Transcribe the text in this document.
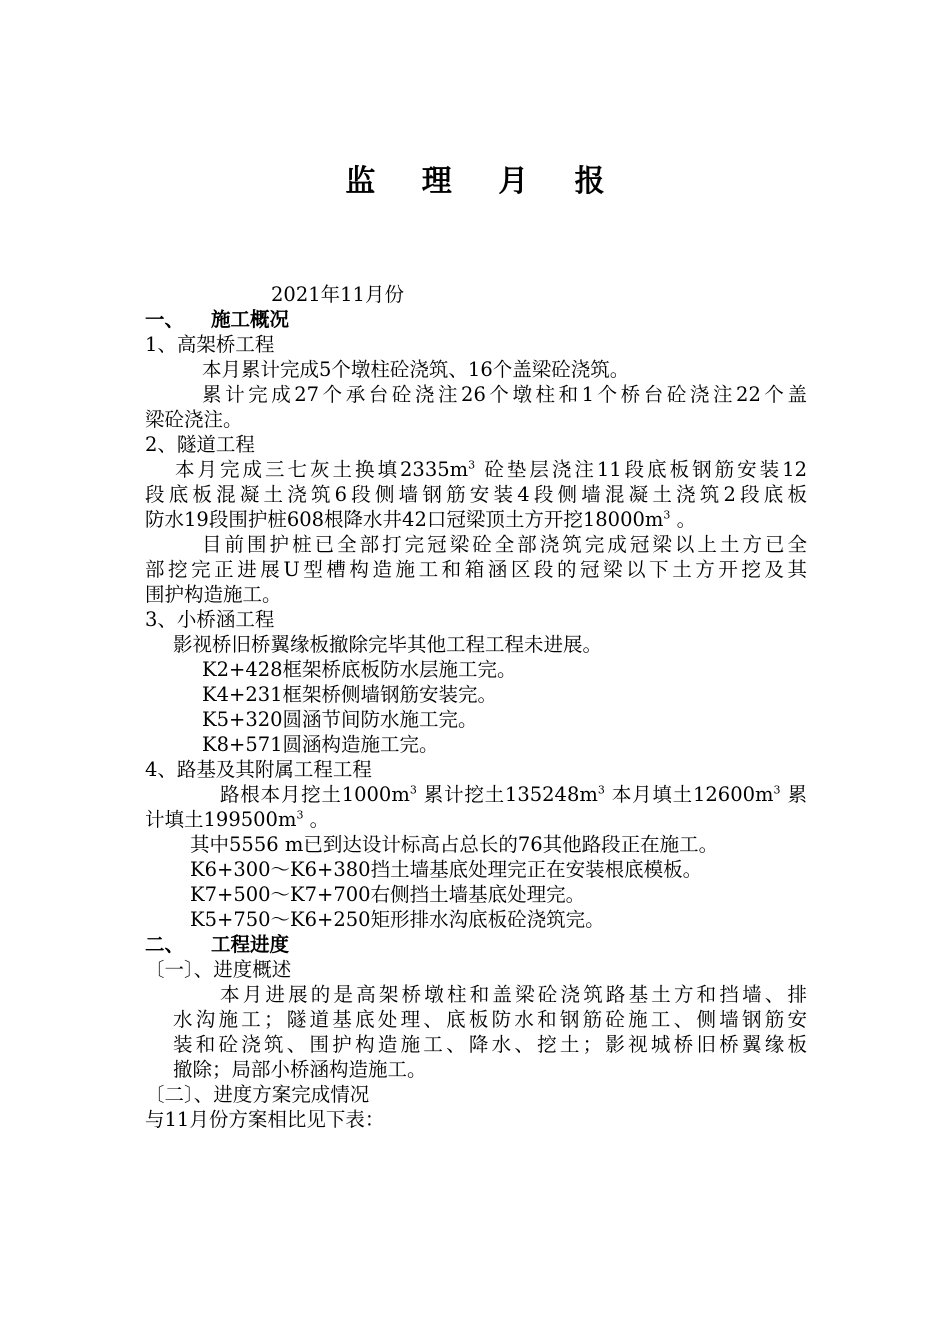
监 理 月 报
2021年11月份
一、 施工概况
1、高架桥工程
本月累计完成5个墩柱砼浇筑、16个盖梁砼浇筑。
累计完成27个承台砼浇注26个墩柱和1个桥台砼浇注22个盖
梁砼浇注。
2、隧道工程
本月完成三七灰土换填$2335m^3$ 砼垫层浇注11段底板钢筋安装12
段底板混凝土浇筑6段侧墙钢筋安装4段侧墙混凝土浇筑2段底板
防水19段围护桩608根降水井42口冠梁顶土方开挖$18000m^3$ 。
目前围护桩已全部打完冠梁砼全部浇筑完成冠梁以上土方已全
部挖完正进展U型槽构造施工和箱涵区段的冠梁以下土方开挖及其
围护构造施工。
3、小桥涵工程
影视桥旧桥翼缘板撤除完毕其他工程工程未进展。
K2+428框架桥底板防水层施工完。
K4+231框架桥侧墙钢筋安装完。
K5+320圆涵节间防水施工完。
K8+571圆涵构造施工完。
4、路基及其附属工程工程
路根本月挖土$1000m^3$ 累计挖土$135248m^3$ 本月填土$12600m^3$ 累
计填土$199500m^3$ 。
其中5556 m已到达设计标高占总长的76其他路段正在施工。
K6+300～K6+380挡土墙基底处理完正在安装根底模板。
K7+500～K7+700右侧挡土墙基底处理完。
K5+750～K6+250矩形排水沟底板砼浇筑完。
二、 工程进度
〔一〕、进度概述
本月进展的是高架桥墩柱和盖梁砼浇筑路基土方和挡墙、排
水沟施工；隧道基底处理、底板防水和钢筋砼施工、侧墙钢筋安
装和砼浇筑、围护构造施工、降水、挖土；影视城桥旧桥翼缘板
撤除；局部小桥涵构造施工。
〔二〕、进度方案完成情况
与11月份方案相比见下表：
